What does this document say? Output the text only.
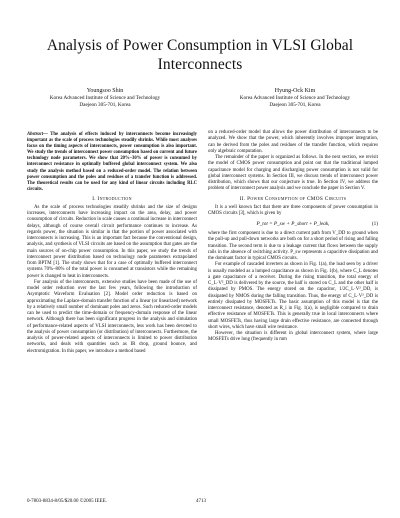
Analysis of Power Consumption in VLSI Global Interconnects
Youngsoo Shin
Korea Advanced Institute of Science and Technology
Daejeon 305-701, Korea
Hyung-Ock Kim
Korea Advanced Institute of Science and Technology
Daejeon 305-701, Korea

Abstract— The analysis of effects induced by interconnects become increasingly important as the scale of process technologies steadily shrinks. While most analyses focus on the timing aspects of interconnects, power consumption is also important. We study the trends of interconnect power consumption based on current and future technology node parameters. We show that 20%–30% of power is consumed by interconnect resistance in optimally buffered global interconnect system. We also study the analysis method based on a reduced-order model. The relation between power consumption and the poles and residues of a transfer function is addressed. The theoretical results can be used for any kind of linear circuits including RLC circuits.

I. Introduction

As the scale of process technologies steadily shrinks and the size of designs increases, interconnects have increasing impact on the area, delay, and power consumption of circuits. Reduction in scale causes a continual increase in interconnect delays, although of course overall circuit performance continues to increase. As regards power, the situation is similar in that the portion of power associated with interconnects is increasing. This is an important fact because the conventional design, analysis, and synthesis of VLSI circuits are based on the assumption that gates are the main sources of on-chip power consumption. In this paper, we study the trends of interconnect power distribution based on technology node parameters extrapolated from BPTM [1]. The study shows that for a case of optimally buffered interconnect systems 70%–80% of the total power is consumed at transistors while the remaining power is changed to heat in interconnects.

For analysis of the interconnects, extensive studies have been made of the use of model order reduction over the last few years, following the introduction of Asymptotic Waveform Evaluation [2]. Model order reduction is based on approximating the Laplace-domain transfer function of a linear (or linearized) network by a relatively small number of dominant poles and zeros. Such reduced-order models can be used to predict the time-domain or frequency-domain response of the linear network. Although there has been significant progress in the analysis and simulation of performance-related aspects of VLSI interconnects, less work has been devoted to the analysis of power consumption (or distribution) of interconnects. Furthermore, the analysis of power-related aspects of interconnects is limited to power distribution networks, and deals with quantities such as IR drop, ground bounce, and electromigration. In this paper, we introduce a method based

on a reduced-order model that allows the power distribution of interconnects to be analyzed. We show that the power, which inherently involves improper integration, can be derived from the poles and residues of the transfer function, which requires only algebraic computation.

The remainder of the paper is organized as follows. In the next section, we revisit the model of CMOS power consumption and point out that the traditional lumped capacitance model for charging and discharging power consumption is not valid for global interconnect systems. In Section III, we discuss trends of interconnect power distribution, which shows that our conjecture is true. In Section IV, we address the problem of interconnect power analysis and we conclude the paper in Section V.

II. Power Consumption of CMOS Circuits

It is a well known fact that there are three components of power consumption in CMOS circuits [3], which is given by

P_tot = P_sw + P_short + P_leak,	(1)

where the first component is due to a direct current path from V_DD to ground when the pull-up and pull-down networks are both on for a short period of rising and falling transition. The second term is due to a leakage current that flows between the supply rails in the absence of switching activity. P_sw represents a capacitive dissipation and the dominant factor in typical CMOS circuits.

For example of cascaded inverters as shown in Fig. 1(a), the load seen by a driver is usually modeled as a lumped capacitance as shown in Fig. 1(b), where C_L denotes a gate capacitance of a receiver. During the rising transition, the total energy of C_L·V²_DD is delivered by the source, the half is stored on C_L and the other half is dissipated by PMOS. The energy stored on the capacitor, 1/2C_L·V²_DD, is dissipated by NMOS during the falling transition. Thus, the energy of C_L·V²_DD is entirely dissipated by MOSFETs. The basic assumption of this model is that the interconnect resistance, denoted as R_i in Fig. 1(a), is negligible compared to drain effective resistance of MOSFETs. This is generally true in local interconnects where small MOSFETs, thus having large drain effective resistance, are connected through short wires, which have small wire resistance.

However, the situation is different in global interconnect system, where large MOSFETs drive long (frequently in mm

0-7803-8834-8/05/$20.00 ©2005 IEEE.	4713
